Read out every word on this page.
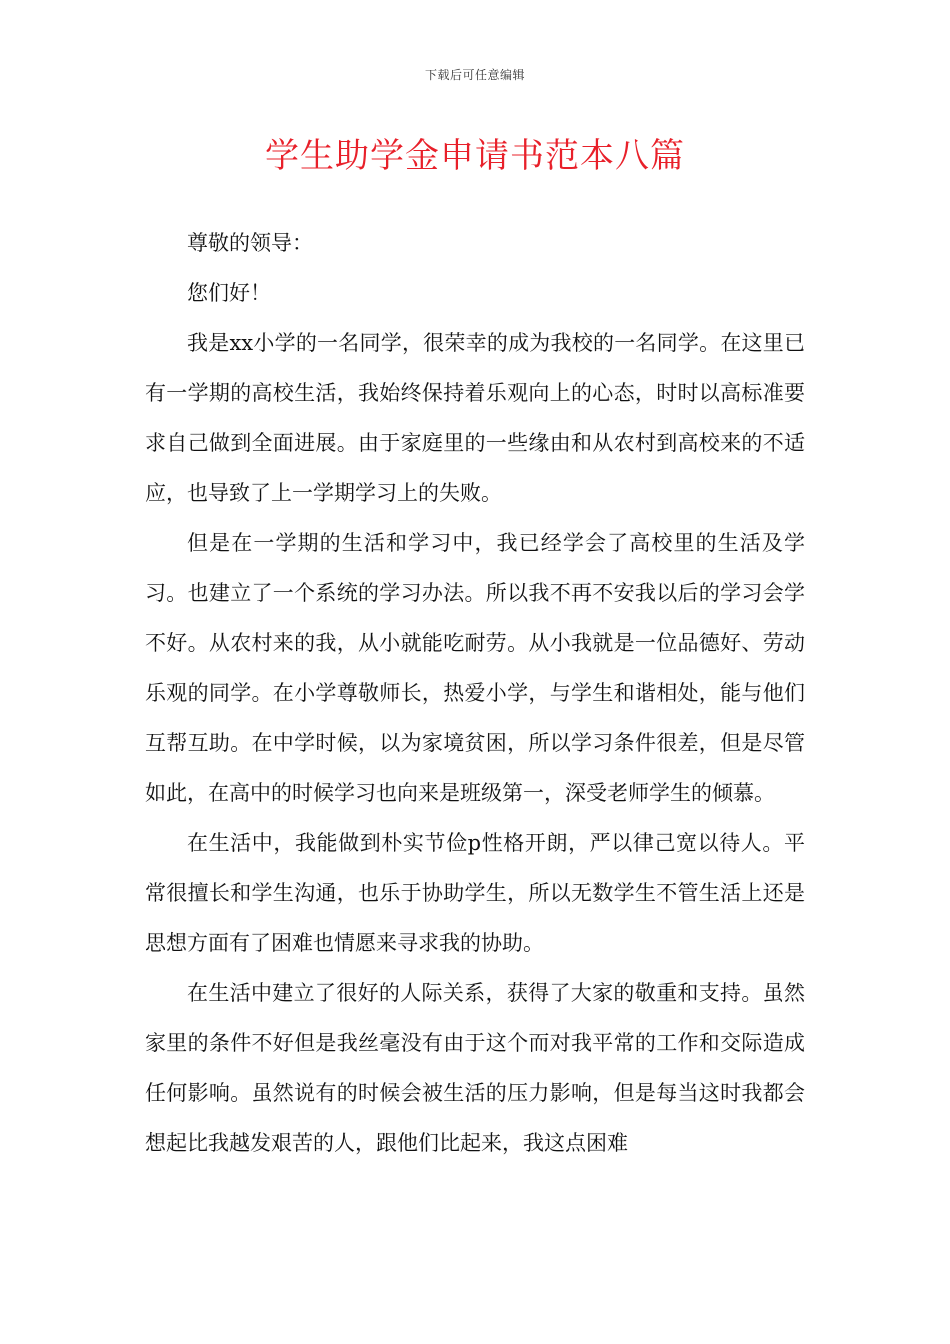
下载后可任意编辑
学生助学金申请书范本八篇

尊敬的领导：

您们好！

我是xx小学的一名同学，很荣幸的成为我校的一名同学。在这里已有一学期的高校生活，我始终保持着乐观向上的心态，时时以高标准要求自己做到全面进展。由于家庭里的一些缘由和从农村到高校来的不适应，也导致了上一学期学习上的失败。

但是在一学期的生活和学习中，我已经学会了高校里的生活及学习。也建立了一个系统的学习办法。所以我不再不安我以后的学习会学不好。从农村来的我，从小就能吃耐劳。从小我就是一位品德好、劳动乐观的同学。在小学尊敬师长，热爱小学，与学生和谐相处，能与他们互帮互助。在中学时候，以为家境贫困，所以学习条件很差，但是尽管如此，在高中的时候学习也向来是班级第一，深受老师学生的倾慕。

在生活中，我能做到朴实节俭p性格开朗，严以律己宽以待人。平常很擅长和学生沟通，也乐于协助学生，所以无数学生不管生活上还是思想方面有了困难也情愿来寻求我的协助。

在生活中建立了很好的人际关系，获得了大家的敬重和支持。虽然家里的条件不好但是我丝毫没有由于这个而对我平常的工作和交际造成任何影响。虽然说有的时候会被生活的压力影响，但是每当这时我都会想起比我越发艰苦的人，跟他们比起来，我这点困难
